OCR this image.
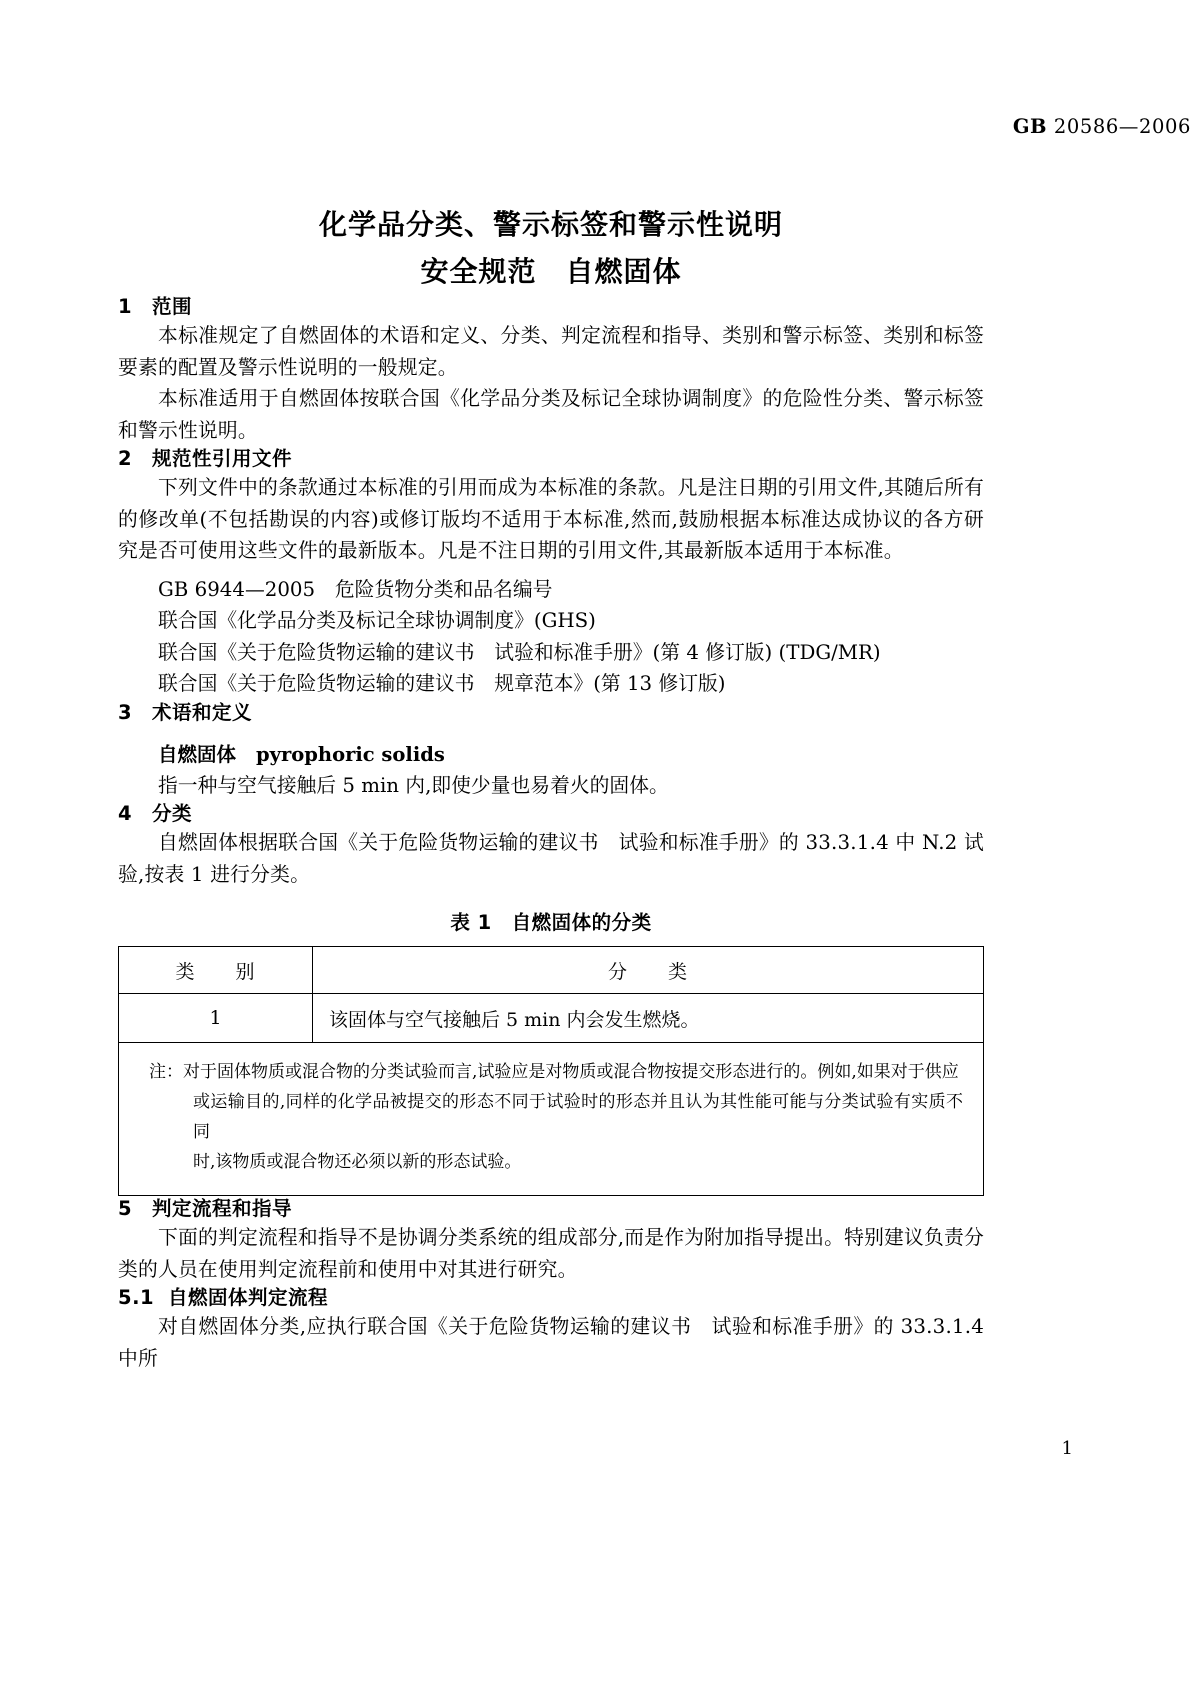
GB 20586—2006
化学品分类、警示标签和警示性说明
安全规范　自燃固体
1 范围

本标准规定了自燃固体的术语和定义、分类、判定流程和指导、类别和警示标签、类别和标签要素的配置及警示性说明的一般规定。

本标准适用于自燃固体按联合国《化学品分类及标记全球协调制度》的危险性分类、警示标签和警示性说明。

2 规范性引用文件

下列文件中的条款通过本标准的引用而成为本标准的条款。凡是注日期的引用文件,其随后所有的修改单(不包括勘误的内容)或修订版均不适用于本标准,然而,鼓励根据本标准达成协议的各方研究是否可使用这些文件的最新版本。凡是不注日期的引用文件,其最新版本适用于本标准。

GB 6944—2005　危险货物分类和品名编号
联合国《化学品分类及标记全球协调制度》(GHS)
联合国《关于危险货物运输的建议书　试验和标准手册》(第 4 修订版) (TDG/MR)
联合国《关于危险货物运输的建议书　规章范本》(第 13 修订版)
3 术语和定义
自燃固体 pyrophoric solids
指一种与空气接触后 5 min 内,即使少量也易着火的固体。
4 分类

自燃固体根据联合国《关于危险货物运输的建议书　试验和标准手册》的 33.3.1.4 中 N.2 试验,按表 1 进行分类。

表 1　自燃固体的分类
类　　别	分　　类
1	该固体与空气接触后 5 min 内会发生燃烧。

注：对于固体物质或混合物的分类试验而言,试验应是对物质或混合物按提交形态进行的。例如,如果对于供应
或运输目的,同样的化学品被提交的形态不同于试验时的形态并且认为其性能可能与分类试验有实质不同
时,该物质或混合物还必须以新的形态试验。	
5 判定流程和指导

下面的判定流程和指导不是协调分类系统的组成部分,而是作为附加指导提出。特别建议负责分类的人员在使用判定流程前和使用中对其进行研究。

5.1 自燃固体判定流程

对自燃固体分类,应执行联合国《关于危险货物运输的建议书　试验和标准手册》的 33.3.1.4 中所

1
